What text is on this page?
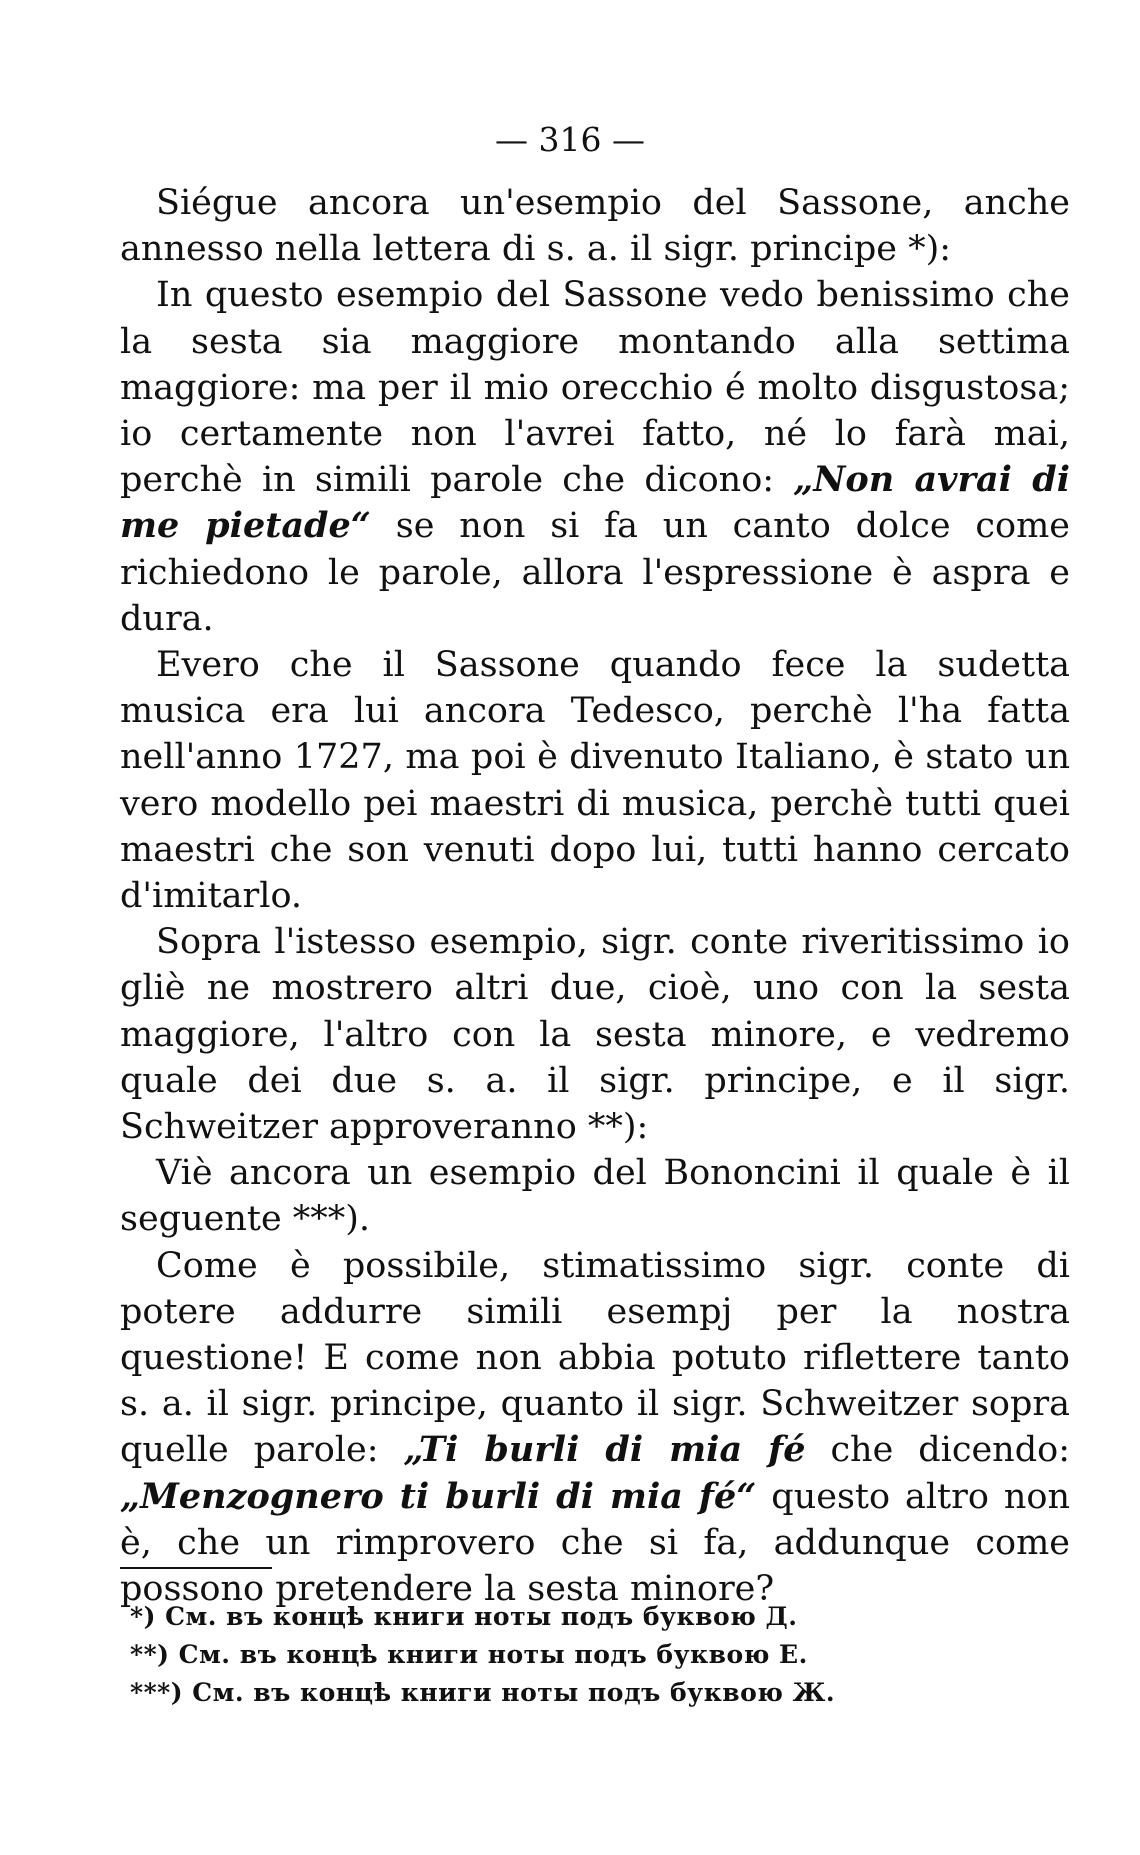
— 316 —

Siégue ancora un'esempio del Sassone, anche annesso nella lettera di s. a. il sigr. principe *):

In questo esempio del Sassone vedo benissimo che la sesta sia maggiore montando alla settima maggiore: ma per il mio orecchio é molto disgustosa; io certamente non l'avrei fatto, né lo farà mai, perchè in simili parole che dicono: „Non avrai di me pietade“ se non si fa un canto dolce come richiedono le parole, allora l'espressione è aspra e dura.

Evero che il Sassone quando fece la sudetta musica era lui ancora Tedesco, perchè l'ha fatta nell'anno 1727, ma poi è divenuto Italiano, è stato un vero modello pei maestri di musica, perchè tutti quei maestri che son venuti dopo lui, tutti hanno cercato d'imitarlo.

Sopra l'istesso esempio, sigr. conte riveritissimo io gliè ne mostrero altri due, cioè, uno con la sesta maggiore, l'altro con la sesta minore, e vedremo quale dei due s. a. il sigr. principe, e il sigr. Schweitzer approveranno **):

Viè ancora un esempio del Bononcini il quale è il seguente ***).

Come è possibile, stimatissimo sigr. conte di potere addurre simili esempj per la nostra questione! E come non abbia potuto riflettere tanto s. a. il sigr. principe, quanto il sigr. Schweitzer sopra quelle parole: „Ti burli di mia fé che dicendo: „Menzognero ti burli di mia fé“ questo altro non è, che un rimprovero che si fa, addunque come possono pretendere la sesta minore?

*) См. въ концѣ книги ноты подъ буквою Д.
**) См. въ концѣ книги ноты подъ буквою Е.
***) См. въ концѣ книги ноты подъ буквою Ж.
